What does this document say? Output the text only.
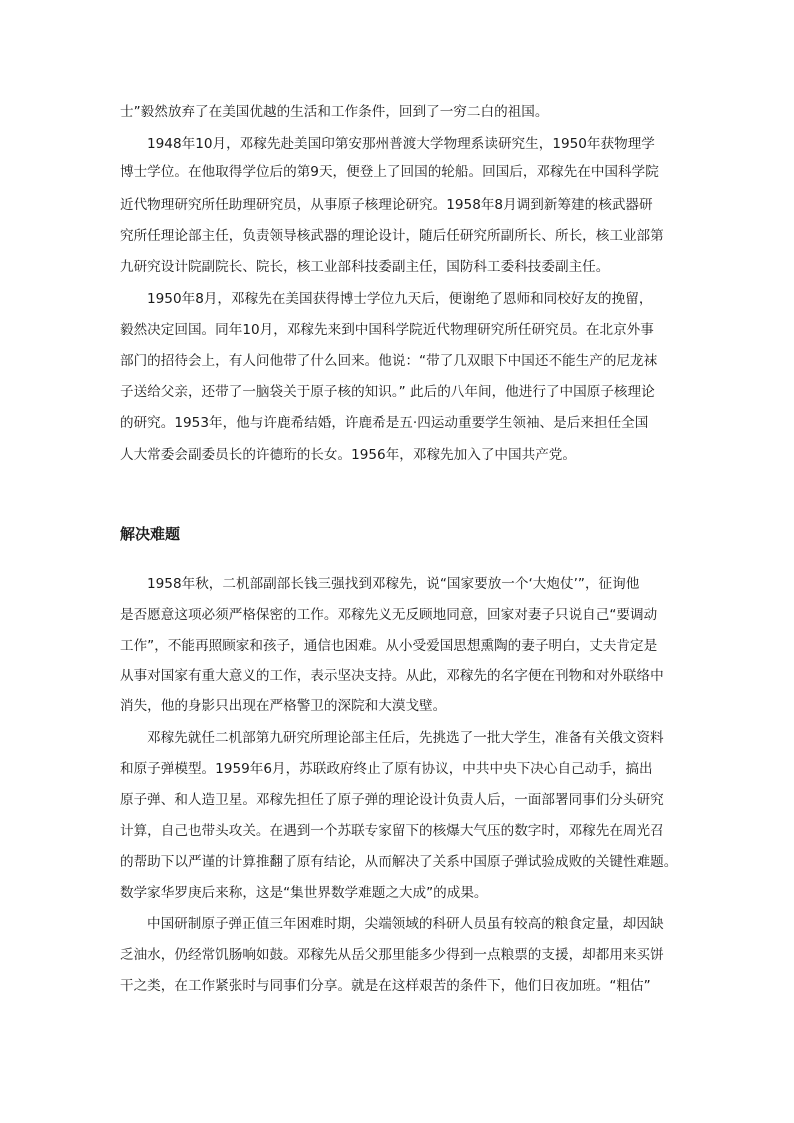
士”毅然放弃了在美国优越的生活和工作条件，回到了一穷二白的祖国。
1948年10月，邓稼先赴美国印第安那州普渡大学物理系读研究生，1950年获物理学
博士学位。在他取得学位后的第9天，便登上了回国的轮船。回国后，邓稼先在中国科学院
近代物理研究所任助理研究员，从事原子核理论研究。1958年8月调到新筹建的核武器研
究所任理论部主任，负责领导核武器的理论设计，随后任研究所副所长、所长，核工业部第
九研究设计院副院长、院长，核工业部科技委副主任，国防科工委科技委副主任。
1950年8月，邓稼先在美国获得博士学位九天后，便谢绝了恩师和同校好友的挽留，
毅然决定回国。同年10月，邓稼先来到中国科学院近代物理研究所任研究员。在北京外事
部门的招待会上，有人问他带了什么回来。他说：“带了几双眼下中国还不能生产的尼龙袜
子送给父亲，还带了一脑袋关于原子核的知识。” 此后的八年间，他进行了中国原子核理论
的研究。1953年，他与许鹿希结婚，许鹿希是五·四运动重要学生领袖、是后来担任全国
人大常委会副委员长的许德珩的长女。1956年，邓稼先加入了中国共产党。
解决难题
1958年秋，二机部副部长钱三强找到邓稼先，说“国家要放一个‘大炮仗’”，征询他
是否愿意这项必须严格保密的工作。邓稼先义无反顾地同意，回家对妻子只说自己“要调动
工作”，不能再照顾家和孩子，通信也困难。从小受爱国思想熏陶的妻子明白，丈夫肯定是
从事对国家有重大意义的工作，表示坚决支持。从此，邓稼先的名字便在刊物和对外联络中
消失，他的身影只出现在严格警卫的深院和大漠戈壁。
邓稼先就任二机部第九研究所理论部主任后，先挑选了一批大学生，准备有关俄文资料
和原子弹模型。1959年6月，苏联政府终止了原有协议，中共中央下决心自己动手，搞出
原子弹、和人造卫星。邓稼先担任了原子弹的理论设计负责人后，一面部署同事们分头研究
计算，自己也带头攻关。在遇到一个苏联专家留下的核爆大气压的数字时，邓稼先在周光召
的帮助下以严谨的计算推翻了原有结论，从而解决了关系中国原子弹试验成败的关键性难题。
数学家华罗庚后来称，这是“集世界数学难题之大成”的成果。
中国研制原子弹正值三年困难时期，尖端领域的科研人员虽有较高的粮食定量，却因缺
乏油水，仍经常饥肠响如鼓。邓稼先从岳父那里能多少得到一点粮票的支援，却都用来买饼
干之类，在工作紧张时与同事们分享。就是在这样艰苦的条件下，他们日夜加班。“粗估”
